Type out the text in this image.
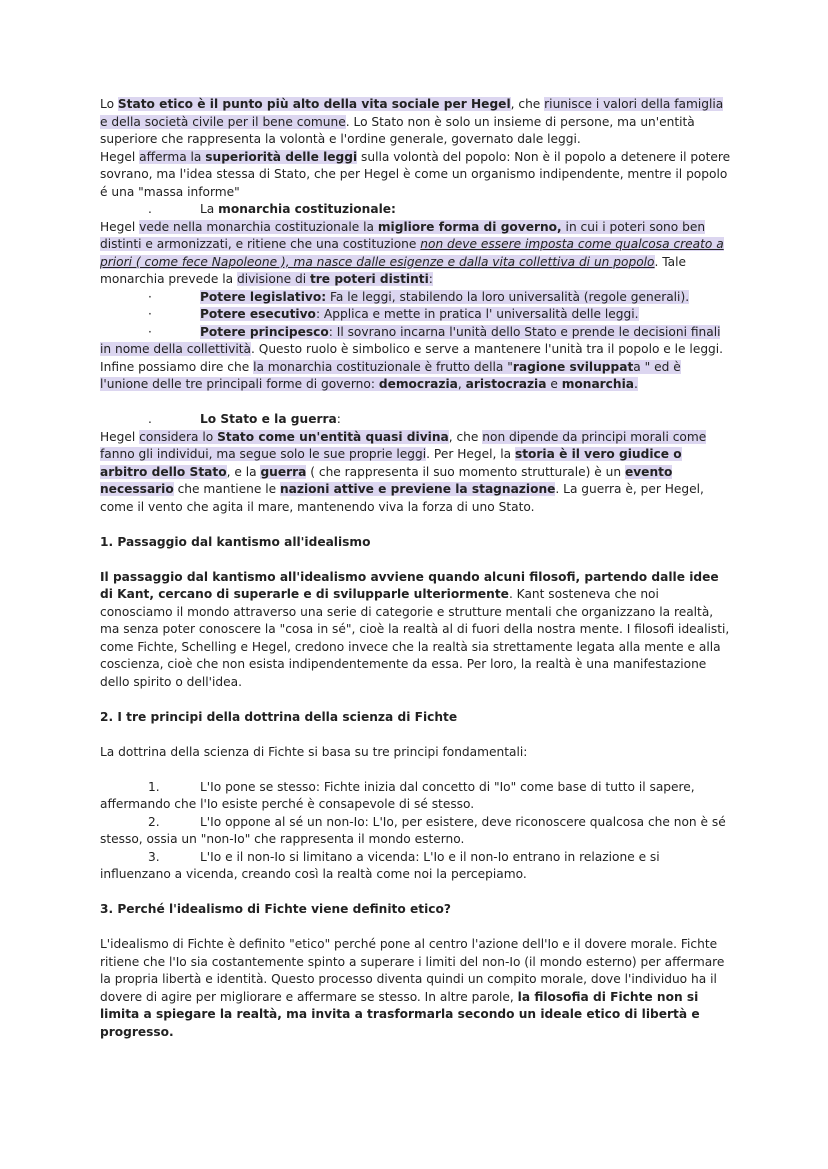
Lo Stato etico è il punto più alto della vita sociale per Hegel, che riunisce i valori della famiglia e della società civile per il bene comune. Lo Stato non è solo un insieme di persone, ma un'entità superiore che rappresenta la volontà e l'ordine generale, governato dale leggi.

Hegel afferma la superiorità delle leggi sulla volontà del popolo: Non è il popolo a detenere il potere sovrano, ma l'idea stessa di Stato, che per Hegel è come un organismo indipendente, mentre il popolo é una "massa informe"

.	La monarchia costituzionale:

Hegel vede nella monarchia costituzionale la migliore forma di governo, in cui i poteri sono ben distinti e armonizzati, e ritiene che una costituzione non deve essere imposta come qualcosa creato a priori ( come fece Napoleone ), ma nasce dalle esigenze e dalla vita collettiva di un popolo. Tale monarchia prevede la divisione di tre poteri distinti:

·	Potere legislativo: Fa le leggi, stabilendo la loro universalità (regole generali).

·	Potere esecutivo: Applica e mette in pratica l' universalità delle leggi.

·	Potere principesco: Il sovrano incarna l'unità dello Stato e prende le decisioni finali in nome della collettività. Questo ruolo è simbolico e serve a mantenere l'unità tra il popolo e le leggi.

Infine possiamo dire che la monarchia costituzionale è frutto della "ragione sviluppata " ed è l'unione delle tre principali forme di governo: democrazia, aristocrazia e monarchia.

.	Lo Stato e la guerra:

Hegel considera lo Stato come un'entità quasi divina, che non dipende da principi morali come fanno gli individui, ma segue solo le sue proprie leggi. Per Hegel, la storia è il vero giudice o arbitro dello Stato, e la guerra ( che rappresenta il suo momento strutturale) è un evento necessario che mantiene le nazioni attive e previene la stagnazione. La guerra è, per Hegel, come il vento che agita il mare, mantenendo viva la forza di uno Stato.

1. Passaggio dal kantismo all'idealismo

Il passaggio dal kantismo all'idealismo avviene quando alcuni filosofi, partendo dalle idee di Kant, cercano di superarle e di svilupparle ulteriormente. Kant sosteneva che noi conosciamo il mondo attraverso una serie di categorie e strutture mentali che organizzano la realtà, ma senza poter conoscere la "cosa in sé", cioè la realtà al di fuori della nostra mente. I filosofi idealisti, come Fichte, Schelling e Hegel, credono invece che la realtà sia strettamente legata alla mente e alla coscienza, cioè che non esista indipendentemente da essa. Per loro, la realtà è una manifestazione dello spirito o dell'idea.

2. I tre principi della dottrina della scienza di Fichte

La dottrina della scienza di Fichte si basa su tre principi fondamentali:

1.	L'Io pone se stesso: Fichte inizia dal concetto di "Io" come base di tutto il sapere, affermando che l'Io esiste perché è consapevole di sé stesso.

2.	L'Io oppone al sé un non-Io: L'Io, per esistere, deve riconoscere qualcosa che non è sé stesso, ossia un "non-Io" che rappresenta il mondo esterno.

3.	L'Io e il non-Io si limitano a vicenda: L'Io e il non-Io entrano in relazione e si influenzano a vicenda, creando così la realtà come noi la percepiamo.

3. Perché l'idealismo di Fichte viene definito etico?

L'idealismo di Fichte è definito "etico" perché pone al centro l'azione dell'Io e il dovere morale. Fichte ritiene che l'Io sia costantemente spinto a superare i limiti del non-Io (il mondo esterno) per affermare la propria libertà e identità. Questo processo diventa quindi un compito morale, dove l'individuo ha il dovere di agire per migliorare e affermare se stesso. In altre parole, la filosofia di Fichte non si limita a spiegare la realtà, ma invita a trasformarla secondo un ideale etico di libertà e progresso.
